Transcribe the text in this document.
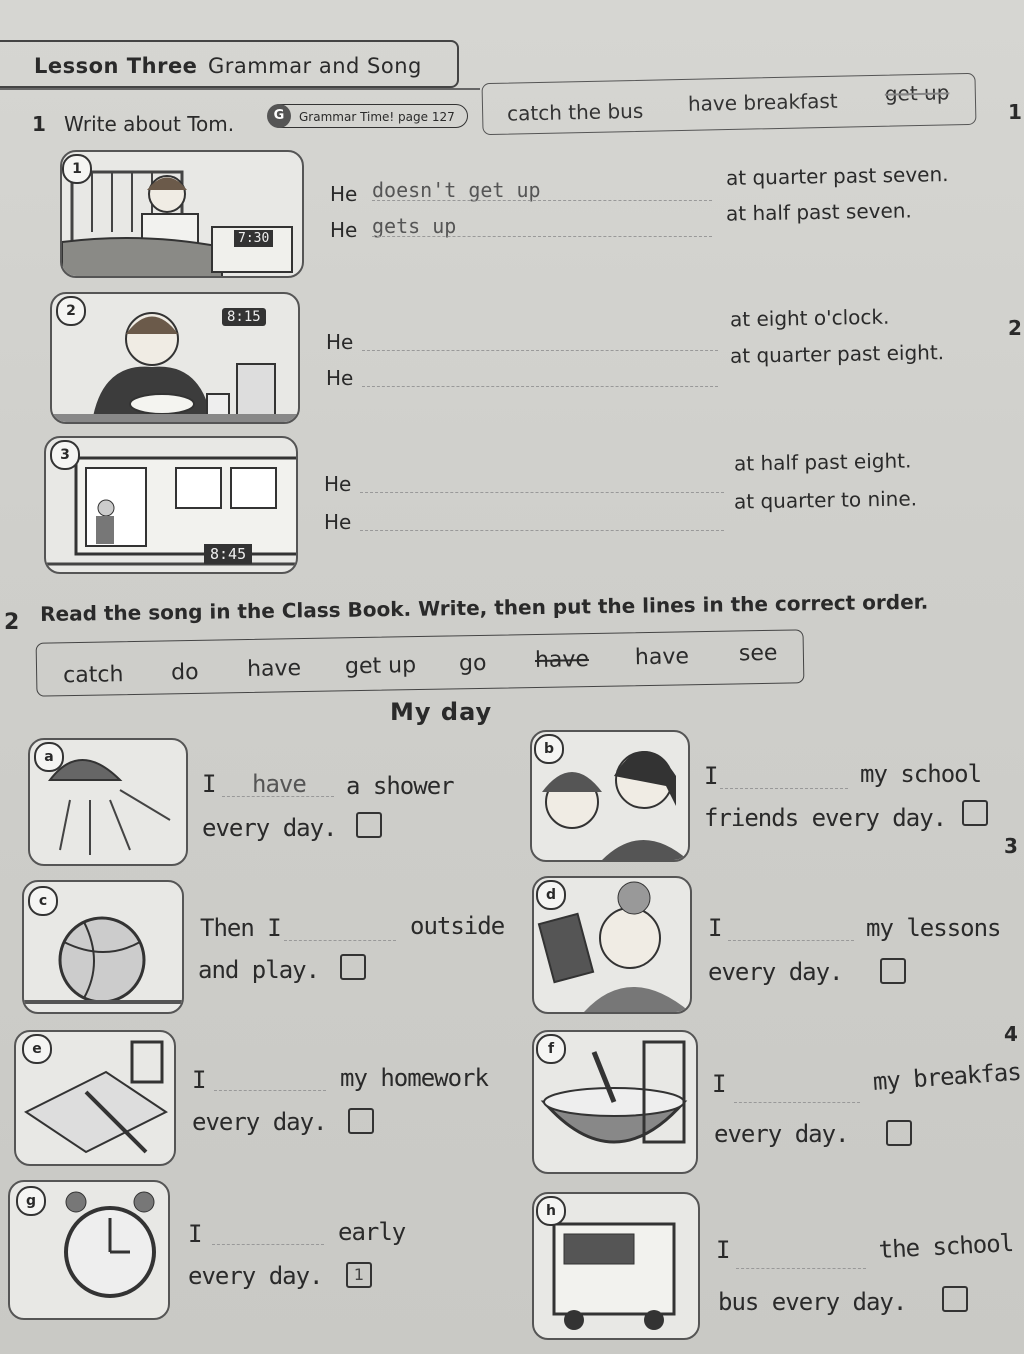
Lesson Three Grammar and Song
1 Write about Tom.	G	Grammar Time! page 127	catch the bus have breakfast get up
1
2
3
4
7:30
1
8:15
2
8:45
3
He doesn't get up
at quarter past seven.
He gets up
at half past seven.
He
at eight o'clock.
He
at quarter past eight.
He
at half past eight.
He
at quarter to nine.
2 Read the song in the Class Book. Write, then put the lines in the correct order.
catch do have get up go have have see
My day
a
I have a shower
every day.
b
I	my school
friends every day.
c
Then I	outside
and play.
d
I	my lessons
every day.
e
I	my homework
every day.
f
I	my breakfas
every day.
g
I	early
every day.	1
h
I	the school
bus every day.
